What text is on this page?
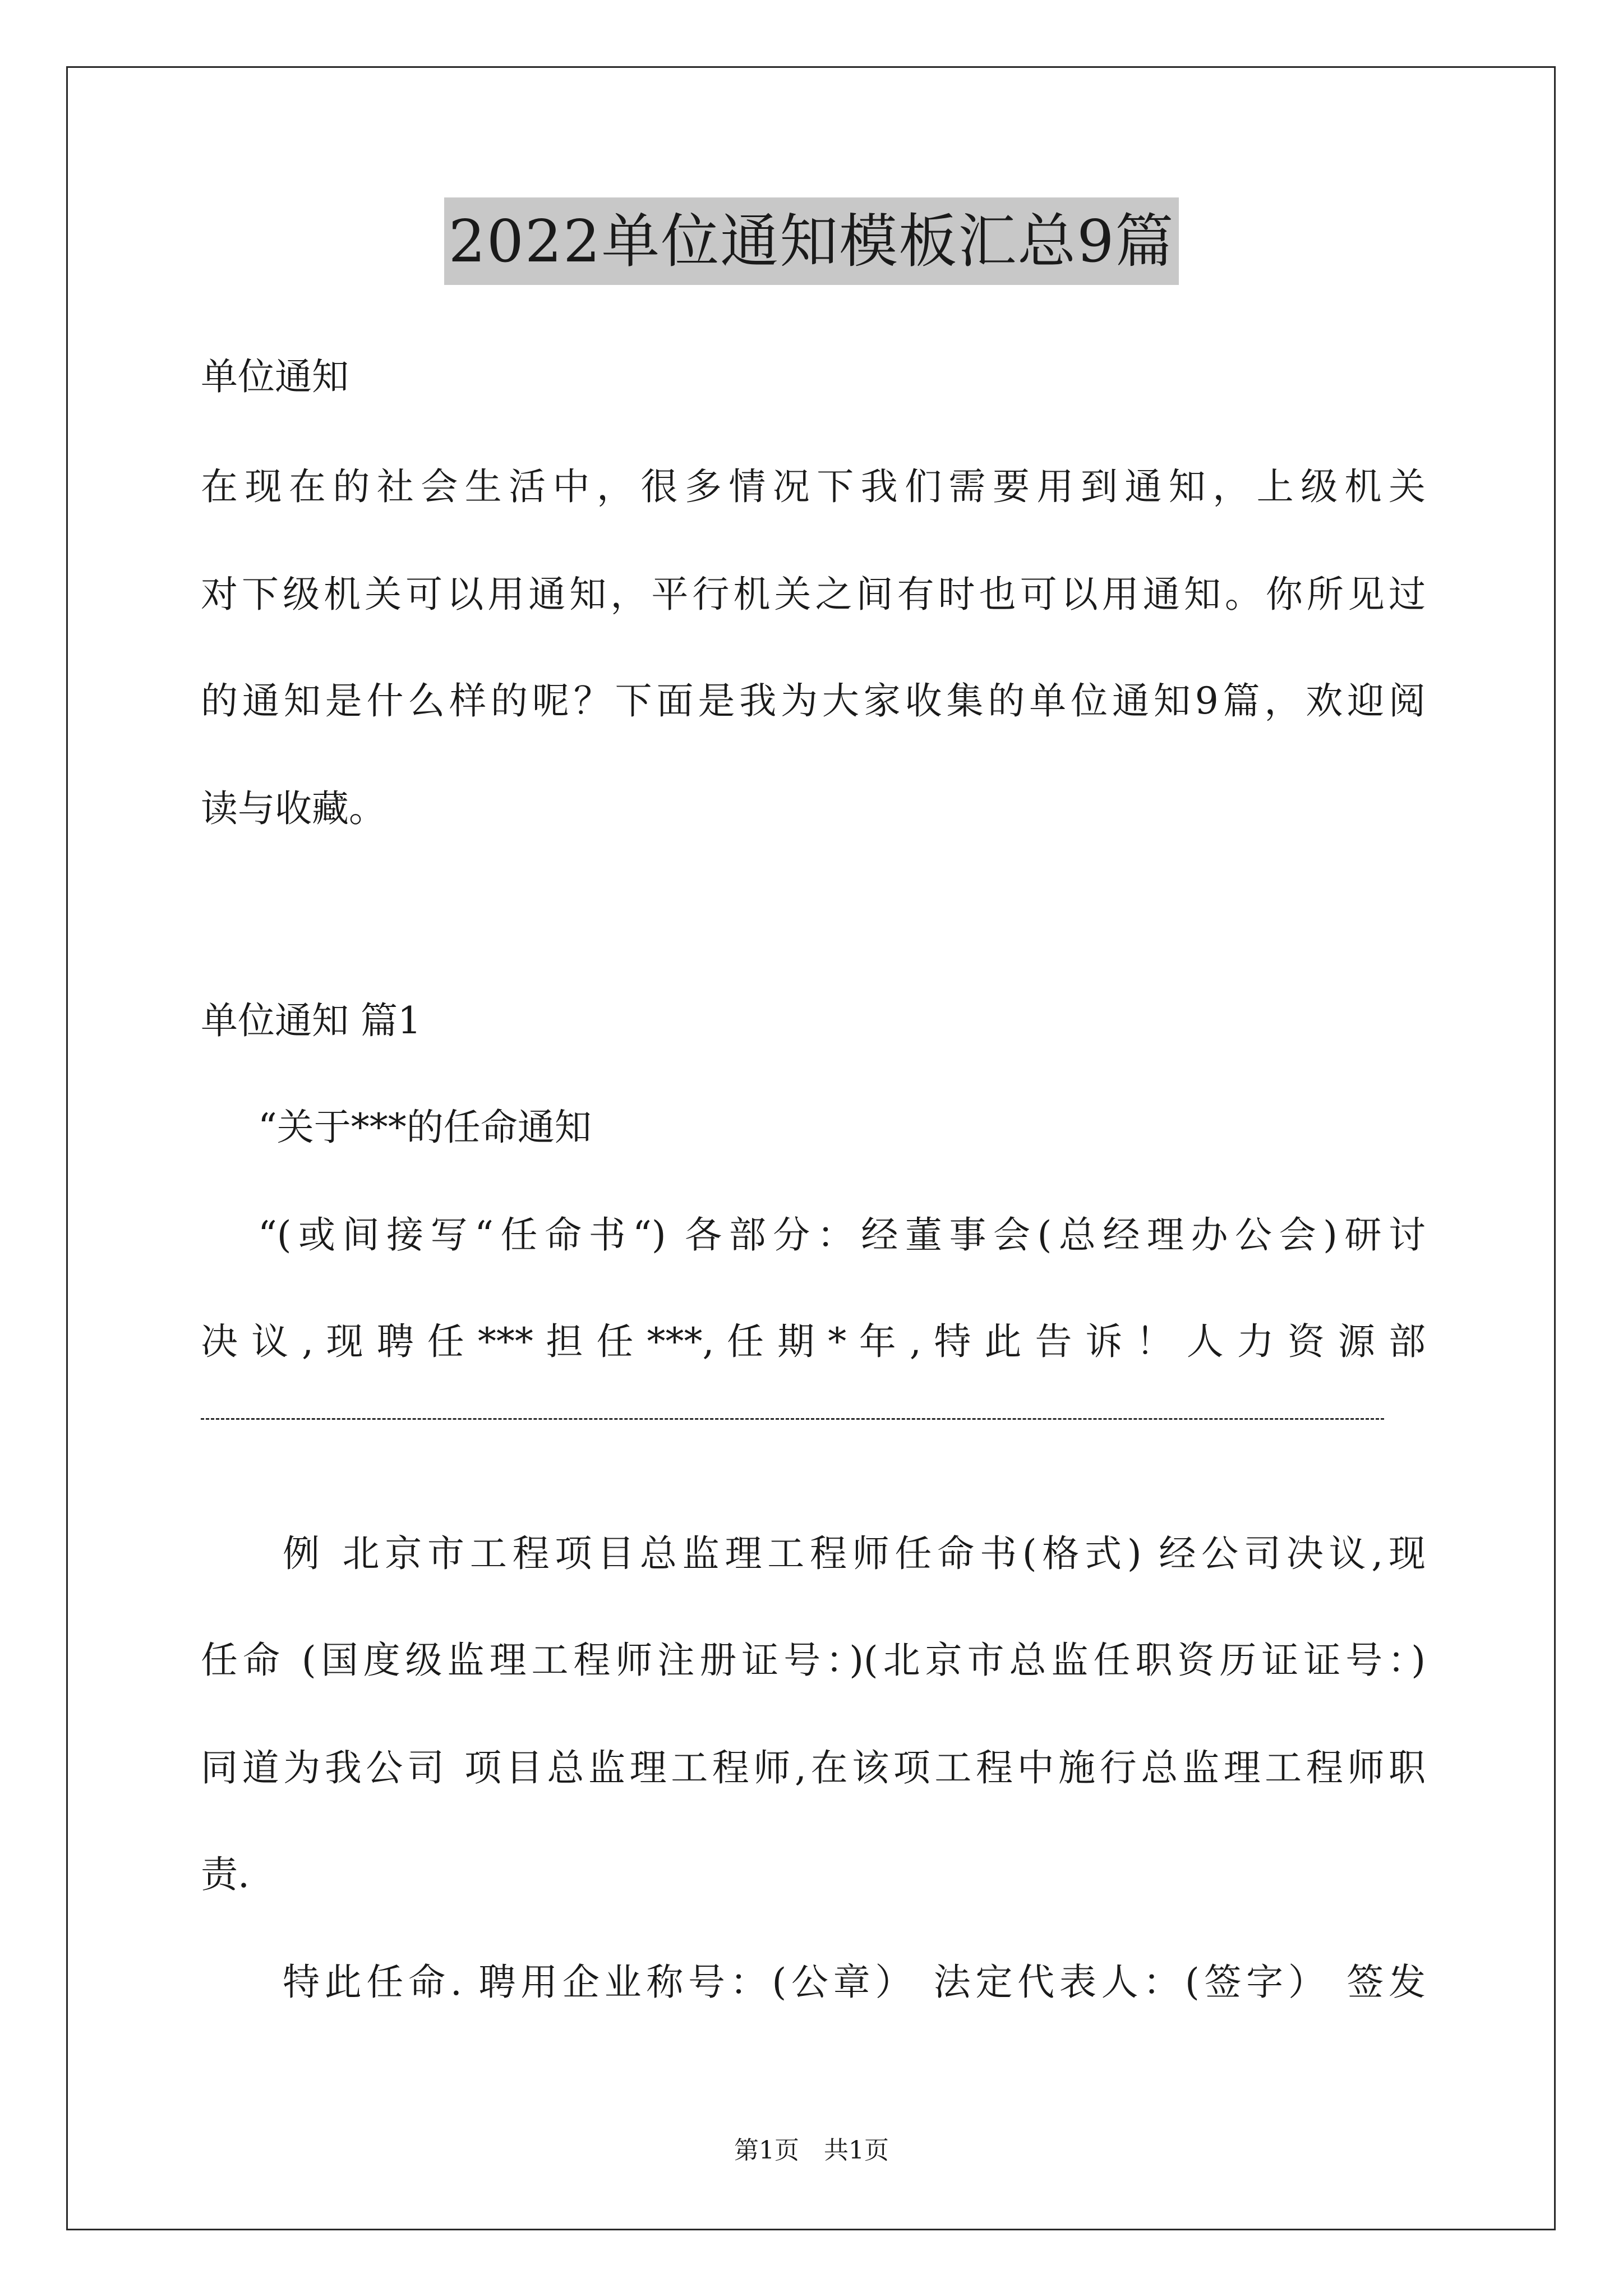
2022单位通知模板汇总9篇
单位通知
在现在的社会生活中，很多情况下我们需要用到通知，上级机关
对下级机关可以用通知，平行机关之间有时也可以用通知。你所见过
的通知是什么样的呢？下面是我为大家收集的单位通知9篇，欢迎阅
读与收藏。
单位通知 篇1
“关于***的任命通知
“(或间接写“任命书“) 各部分：经董事会(总经理办公会)研讨
决 议 , 现 聘 任 *** 担 任 ***, 任 期 * 年 , 特 此 告 诉 ！ 人 力 资 源 部
例 北京市工程项目总监理工程师任命书(格式) 经公司决议,现
任命 (国度级监理工程师注册证号：)(北京市总监任职资历证证号：)
同道为我公司 项目总监理工程师,在该项工程中施行总监理工程师职
责.
特此任命. 聘用企业称号：(公章） 法定代表人：(签字） 签发
第1页　共1页
